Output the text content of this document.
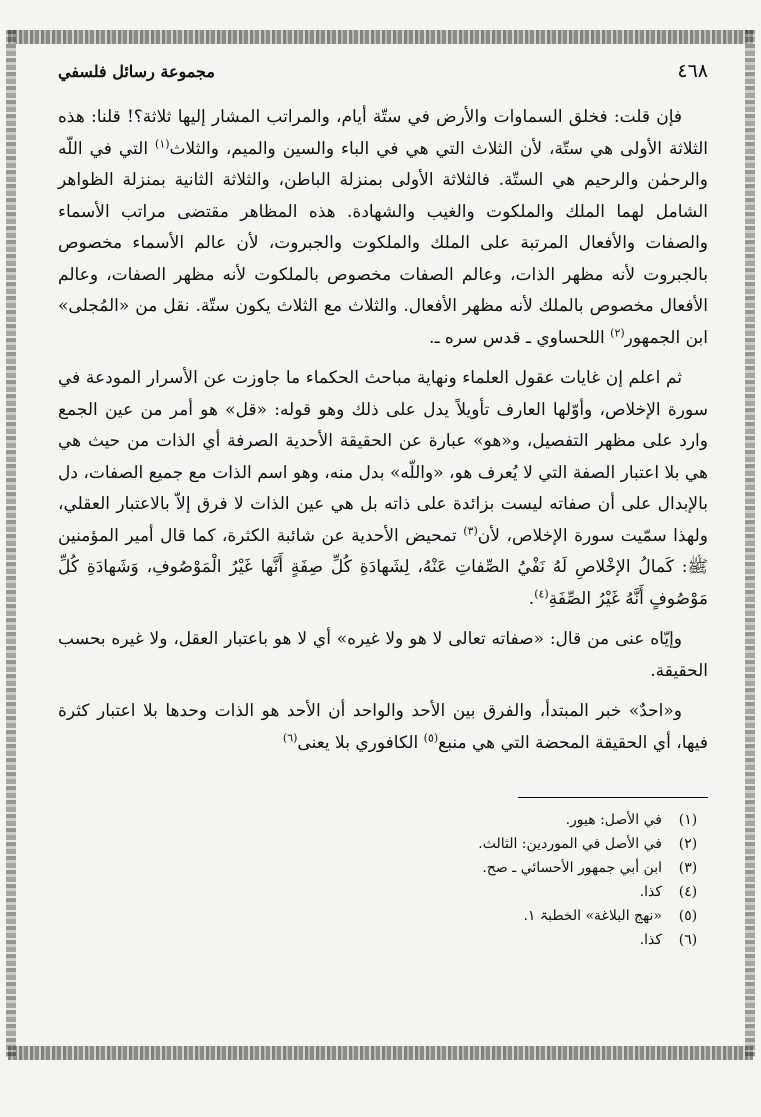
٤٦٨
مجموعة رسائل فلسفي

فإن قلت: فخلق السماوات والأرض في ستّة أيام، والمراتب المشار إليها ثلاثة؟! قلنا: هذه الثلاثة الأولى هي ستّة، لأن الثلاث التي هي في الباء والسين والميم، والثلاث$^{(١)}$ التي في اللّه والرحمٰن والرحيم هي الستّة. فالثلاثة الأولى بمنزلة الباطن، والثلاثة الثانية بمنزلة الظواهر الشامل لهما الملك والملكوت والغيب والشهادة. هذه المظاهر مقتضى مراتب الأسماء والصفات والأفعال المرتبة على الملك والملكوت والجبروت، لأن عالم الأسماء مخصوص بالجبروت لأنه مظهر الذات، وعالم الصفات مخصوص بالملكوت لأنه مظهر الصفات، وعالم الأفعال مخصوص بالملك لأنه مظهر الأفعال. والثلاث مع الثلاث يكون ستّة. نقل من «المُجلى» ابن الجمهور$^{(٢)}$ اللحساوي ـ قدس سره ـ.

ثم اعلم إن غايات عقول العلماء ونهاية مباحث الحكماء ما جاوزت عن الأسرار المودعة في سورة الإخلاص، وأوّلها العارف تأويلاً يدل على ذلك وهو قوله: «قل» هو أمر من عين الجمع وارد على مظهر التفصيل، و«هو» عبارة عن الحقيقة الأحدية الصرفة أي الذات من حيث هي هي بلا اعتبار الصفة التي لا يُعرف هو، «واللّه» بدل منه، وهو اسم الذات مع جميع الصفات، دل بالإبدال على أن صفاته ليست بزائدة على ذاته بل هي عين الذات لا فرق إلاّ بالاعتبار العقلي، ولهذا سمّيت سورة الإخلاص، لأن$^{(٣)}$ تمحيض الأحدية عن شائبة الكثرة، كما قال أمير المؤمنين ﷺ: كَمالُ الإخْلاصِ لَهُ نَفْيُ الصِّفاتِ عَنْهُ، لِشَهادَةِ كُلِّ صِفَةٍ أَنَّها غَيْرُ الْمَوْصُوفِ، وَشَهادَةِ كُلِّ مَوْصُوفٍ أَنَّهُ غَيْرُ الصِّفَةِ$^{(٤)}$.

وإيّاه عنى من قال: «صفاته تعالى لا هو ولا غيره» أي لا هو باعتبار العقل، ولا غيره بحسب الحقيقة.

و«احدٌ» خبر المبتدأ، والفرق بين الأحد والواحد أن الأحد هو الذات وحدها بلا اعتبار كثرة فيها، أي الحقيقة المحضة التي هي منبع$^{(٥)}$ الكافوري بلا يعنى$^{(٦)}$

(١)
في الأصل: هيور.
(٢)
في الأصل في الموردين: الثالث.
(٣)
ابن أبي جمهور الأحسائي ـ صح.
(٤)
كذا.
(٥)
«نهج البلاغة» الخطبۃ ١.
(٦)
كذا.
